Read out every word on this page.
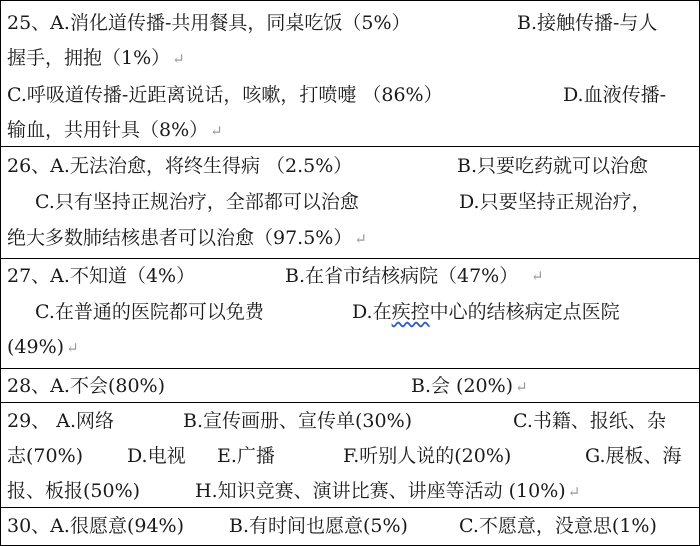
25、A.消化道传播-共用餐具，同桌吃饭（5%）	B.接触传播-与人
握手，拥抱（1%） ↵
C.呼吸道传播-近距离说话，咳嗽，打喷嚏 （86%）	D.血液传播-
输血，共用针具（8%） ↵
26、A.无法治愈，将终生得病 （2.5%）	B.只要吃药就可以治愈
C.只有坚持正规治疗，全部都可以治愈	D.只要坚持正规治疗，
绝大多数肺结核患者可以治愈（97.5%） ↵
27、A.不知道（4%）	B.在省市结核病院（47%） ↵
C.在普通的医院都可以免费	D.在疾控中心的结核病定点医院
(49%) ↵
28、A.不会(80%)	B.会 (20%) ↵
29、 A.网络	B.宣传画册、宣传单(30%)	C.书籍、报纸、杂
志(70%) D.电视 E.广播	F.听别人说的(20%)	G.展板、海
报、板报(50%)	H.知识竞赛、演讲比赛、讲座等活动 (10%) ↵
30、A.很愿意(94%) B.有时间也愿意(5%)	C.不愿意，没意思(1%)
